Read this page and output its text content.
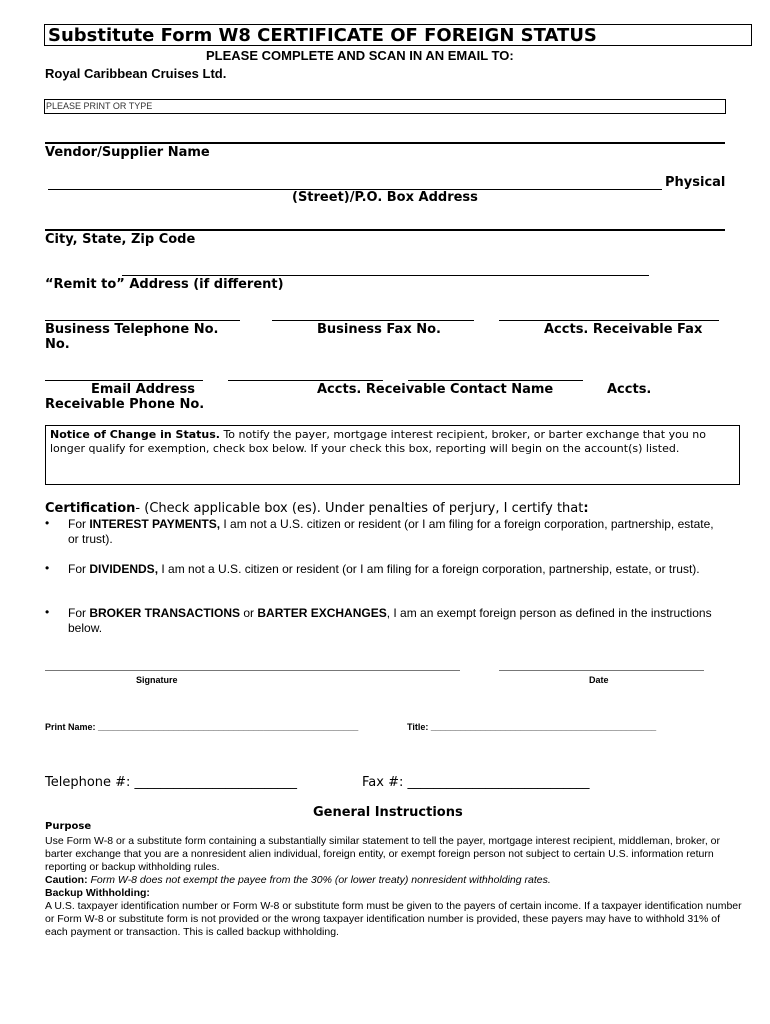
Substitute Form W8 CERTIFICATE OF FOREIGN STATUS
PLEASE COMPLETE AND SCAN IN AN EMAIL TO:
Royal Caribbean Cruises Ltd.
PLEASE PRINT OR TYPE
Vendor/Supplier Name
Physical
(Street)/P.O. Box Address
City, State, Zip Code
“Remit to” Address (if different)
Business Telephone No.	Business Fax No.	Accts. Receivable Fax
No.
Email Address	Accts. Receivable Contact Name	Accts.
Receivable Phone No.
Notice of Change in Status. To notify the payer, mortgage interest recipient, broker, or barter exchange that you no longer qualify for exemption, check box below. If your check this box, reporting will begin on the account(s) listed.
Certification- (Check applicable box (es). Under penalties of perjury, I certify that:
• For INTEREST PAYMENTS, I am not a U.S. citizen or resident (or I am filing for a foreign corporation, partnership, estate, or trust).
• For DIVIDENDS, I am not a U.S. citizen or resident (or I am filing for a foreign corporation, partnership, estate, or trust).
• For BROKER TRANSACTIONS or BARTER EXCHANGES, I am an exempt foreign person as defined in the instructions below.
Signature	Date
Print Name: ____________________________________________________	Title: _____________________________________________
Telephone #: _________________________	Fax #: ____________________________
General Instructions
Purpose
Use Form W-8 or a substitute form containing a substantially similar statement to tell the payer, mortgage interest recipient, middleman, broker, or barter exchange that you are a nonresident alien individual, foreign entity, or exempt foreign person not subject to certain U.S. information return reporting or backup withholding rules.
Caution: Form W-8 does not exempt the payee from the 30% (or lower treaty) nonresident withholding rates.
Backup Withholding:
A U.S. taxpayer identification number or Form W-8 or substitute form must be given to the payers of certain income. If a taxpayer identification number or Form W-8 or substitute form is not provided or the wrong taxpayer identification number is provided, these payers may have to withhold 31% of each payment or transaction. This is called backup withholding.
